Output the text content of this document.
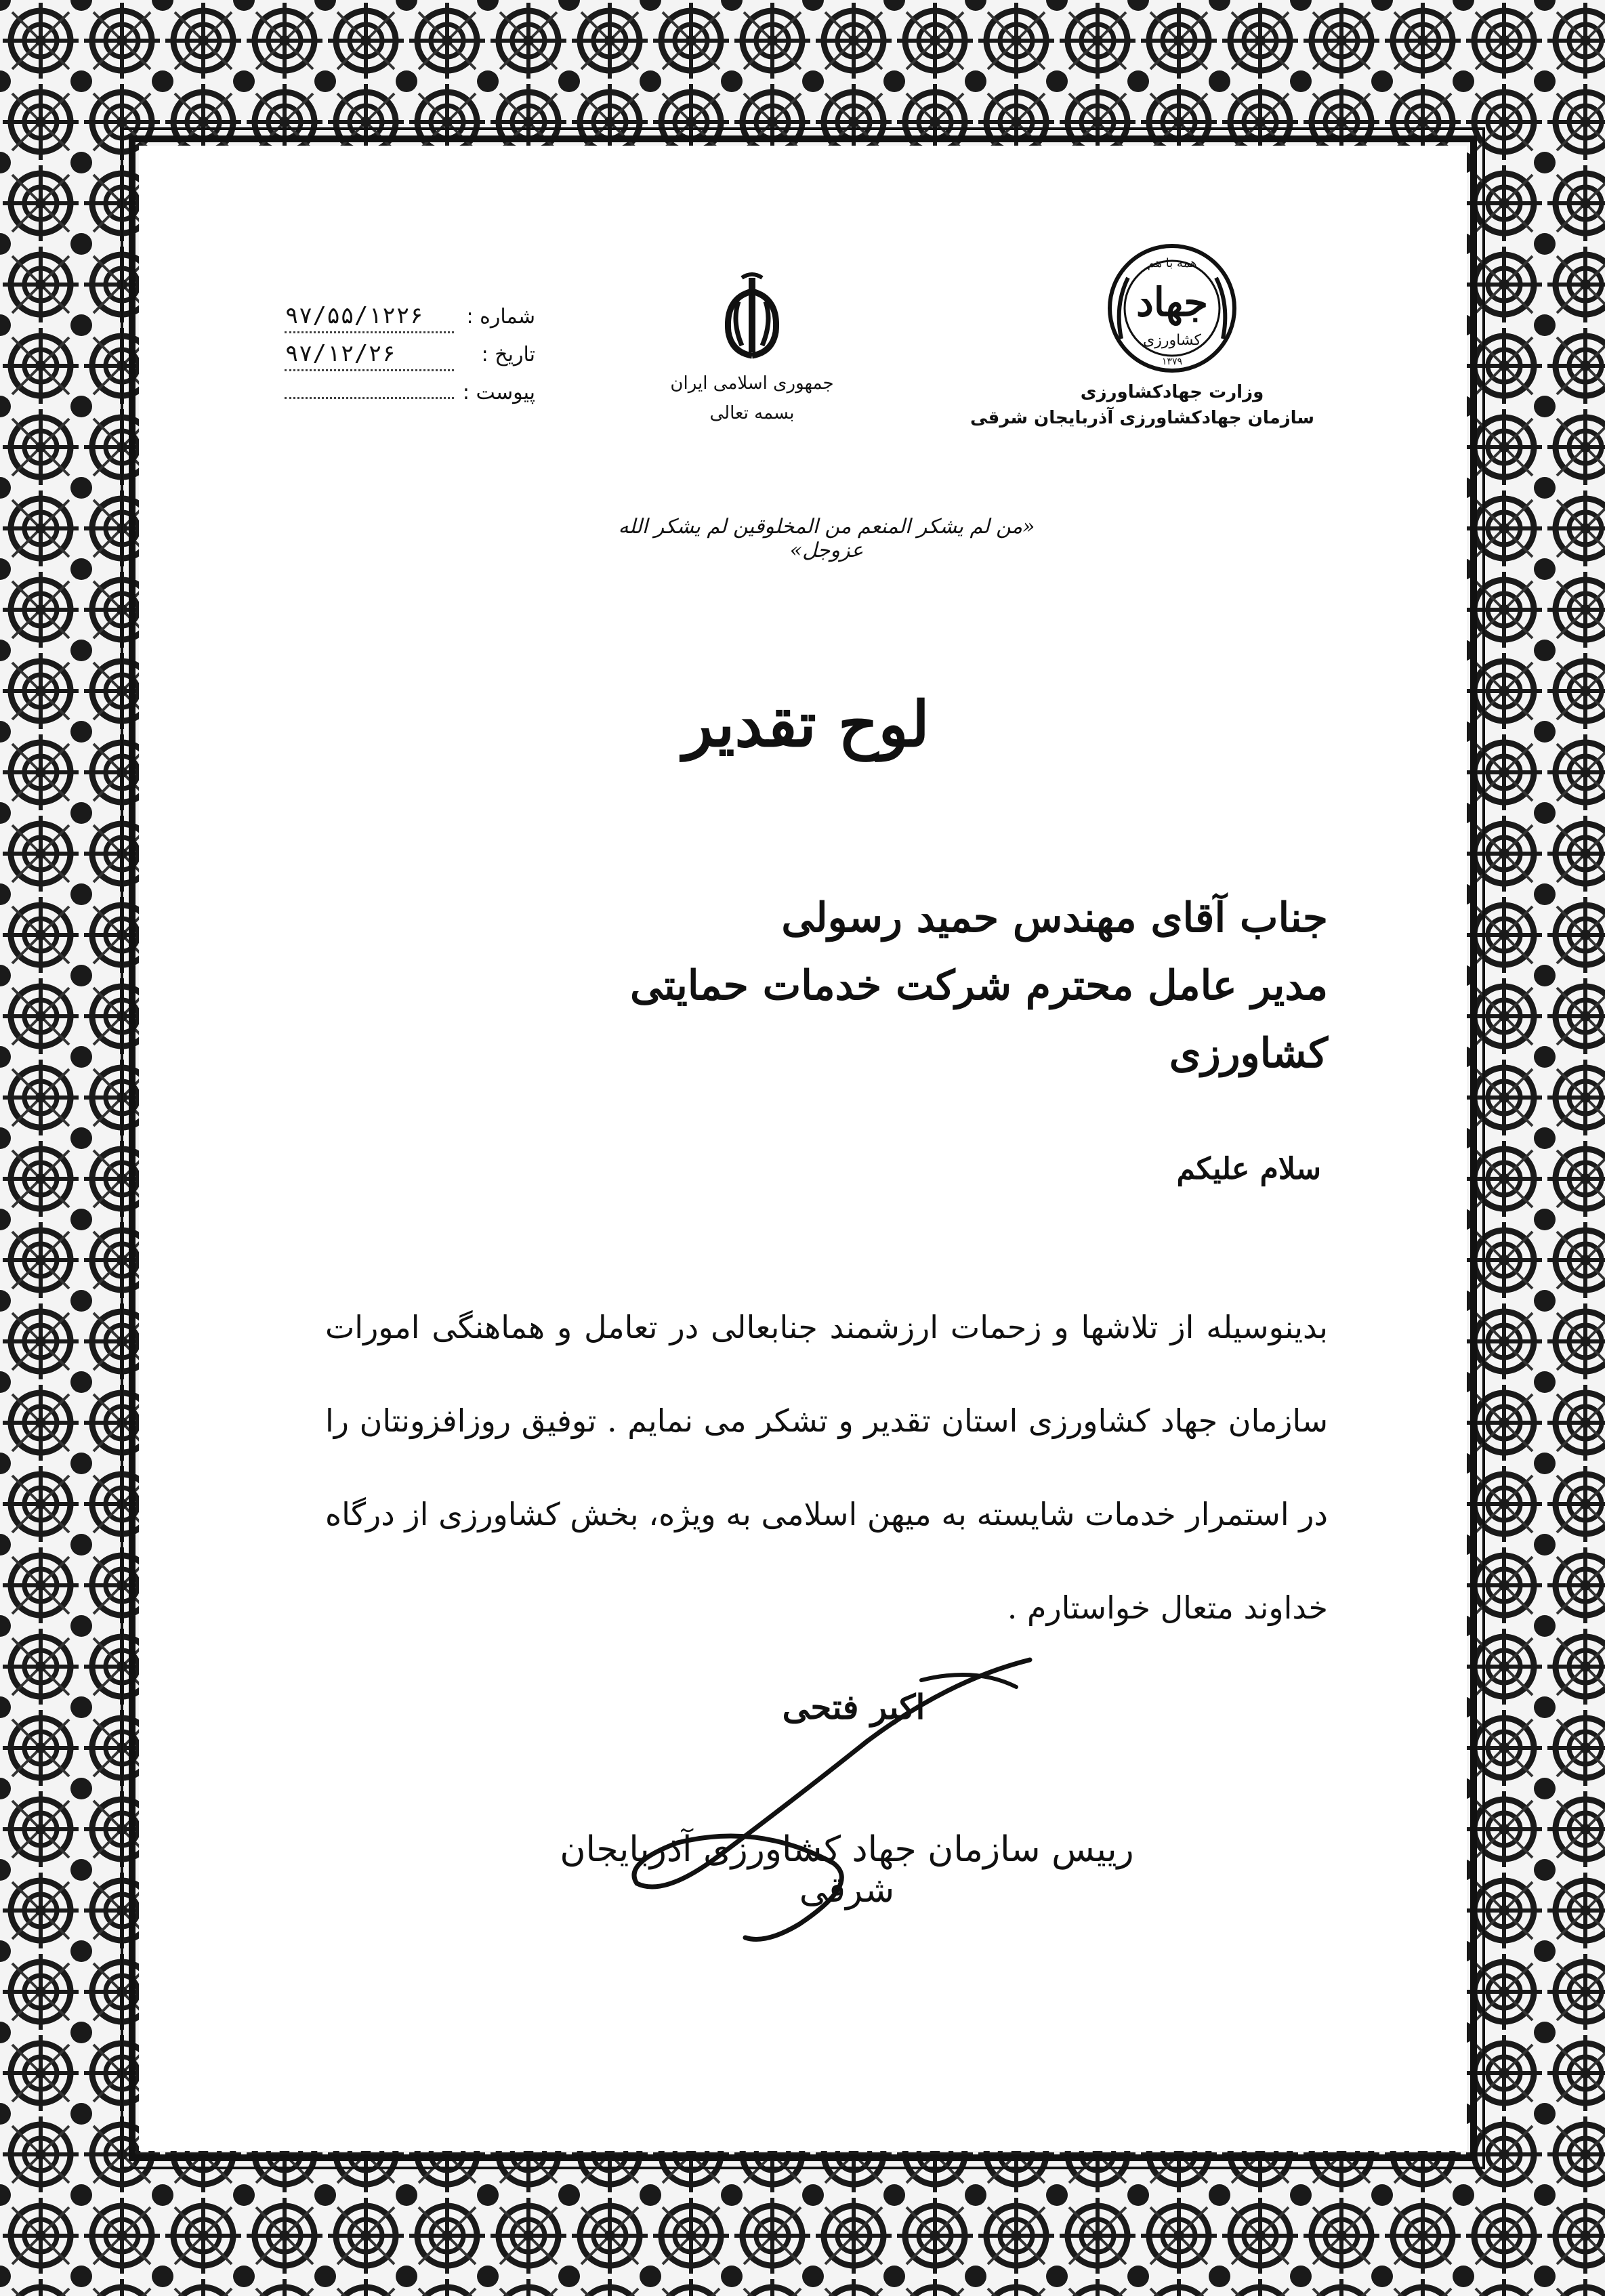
همه با هم
جهاد
کشاورزی
۱۳۷۹
وزارت جهادکشاورزی
سازمان جهادکشاورزی آذربایجان شرقی
جمهوری اسلامی ایران
بسمه تعالی
شماره : ۹۷/۵۵/۱۲۲۶
تاریخ : ۹۷/۱۲/۲۶
پیوست :
«من لم یشکر المنعم من المخلوقین لم یشکر الله عزوجل»
لوح تقدیر
جناب آقای مهندس حمید رسولی
مدیر عامل محترم شرکت خدمات حمایتی کشاورزی
سلام علیکم
بدینوسیله از تلاشها و زحمات ارزشمند جنابعالی در تعامل و هماهنگی امورات سازمان جهاد کشاورزی استان تقدیر و تشکر می نمایم . توفیق روزافزونتان را در استمرار خدمات شایسته به میهن اسلامی به ویژه، بخش کشاورزی از درگاه خداوند متعال خواستارم .
اکبر فتحی
رییس سازمان جهاد کشاورزی آذربایجان شرقی
